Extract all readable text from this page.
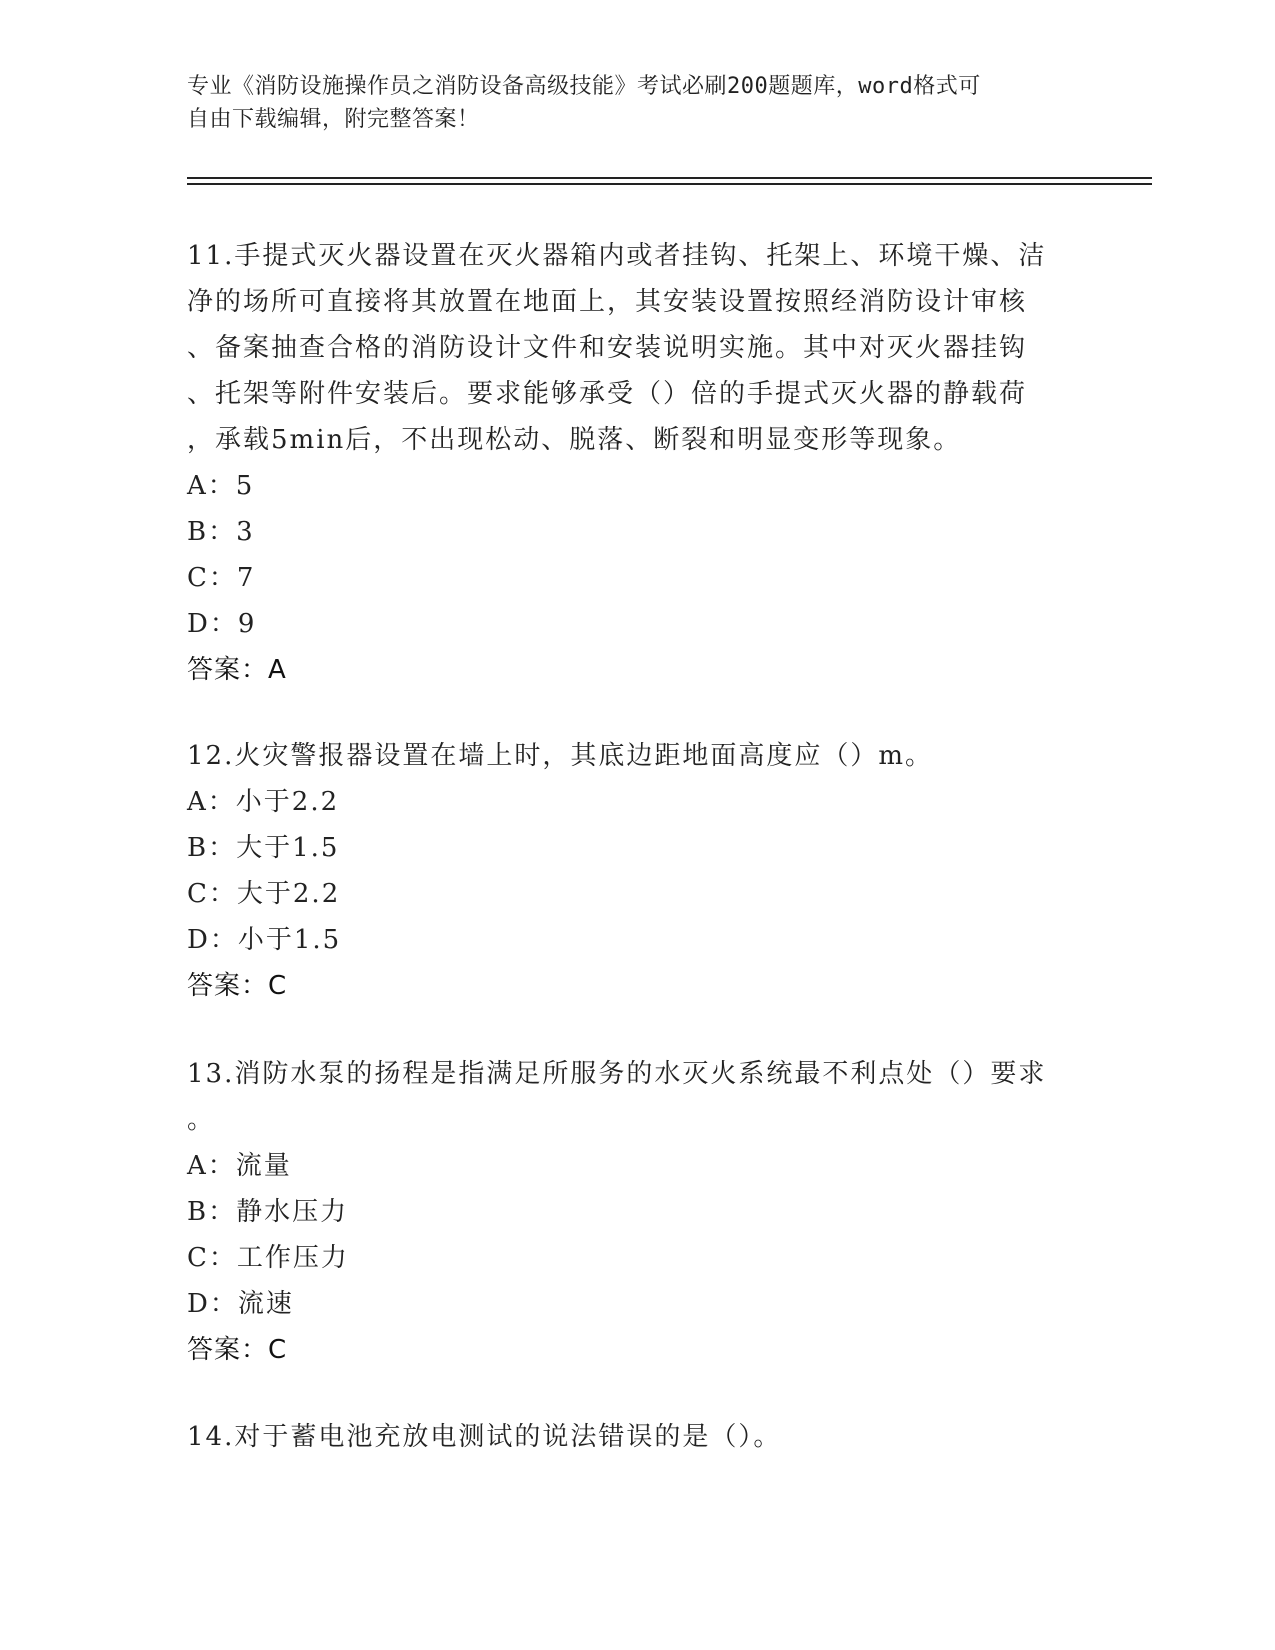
专业《消防设施操作员之消防设备高级技能》考试必刷200题题库，word格式可
自由下载编辑，附完整答案！
11.手提式灭火器设置在灭火器箱内或者挂钩、托架上、环境干燥、洁
净的场所可直接将其放置在地面上，其安装设置按照经消防设计审核
、备案抽查合格的消防设计文件和安装说明实施。其中对灭火器挂钩
、托架等附件安装后。要求能够承受（）倍的手提式灭火器的静载荷
，承载5min后，不出现松动、脱落、断裂和明显变形等现象。
A：5
B：3
C：7
D：9
答案：A
12.火灾警报器设置在墙上时，其底边距地面高度应（）m。
A：小于2.2
B：大于1.5
C：大于2.2
D：小于1.5
答案：C
13.消防水泵的扬程是指满足所服务的水灭火系统最不利点处（）要求
。
A：流量
B：静水压力
C：工作压力
D：流速
答案：C
14.对于蓄电池充放电测试的说法错误的是（）。
